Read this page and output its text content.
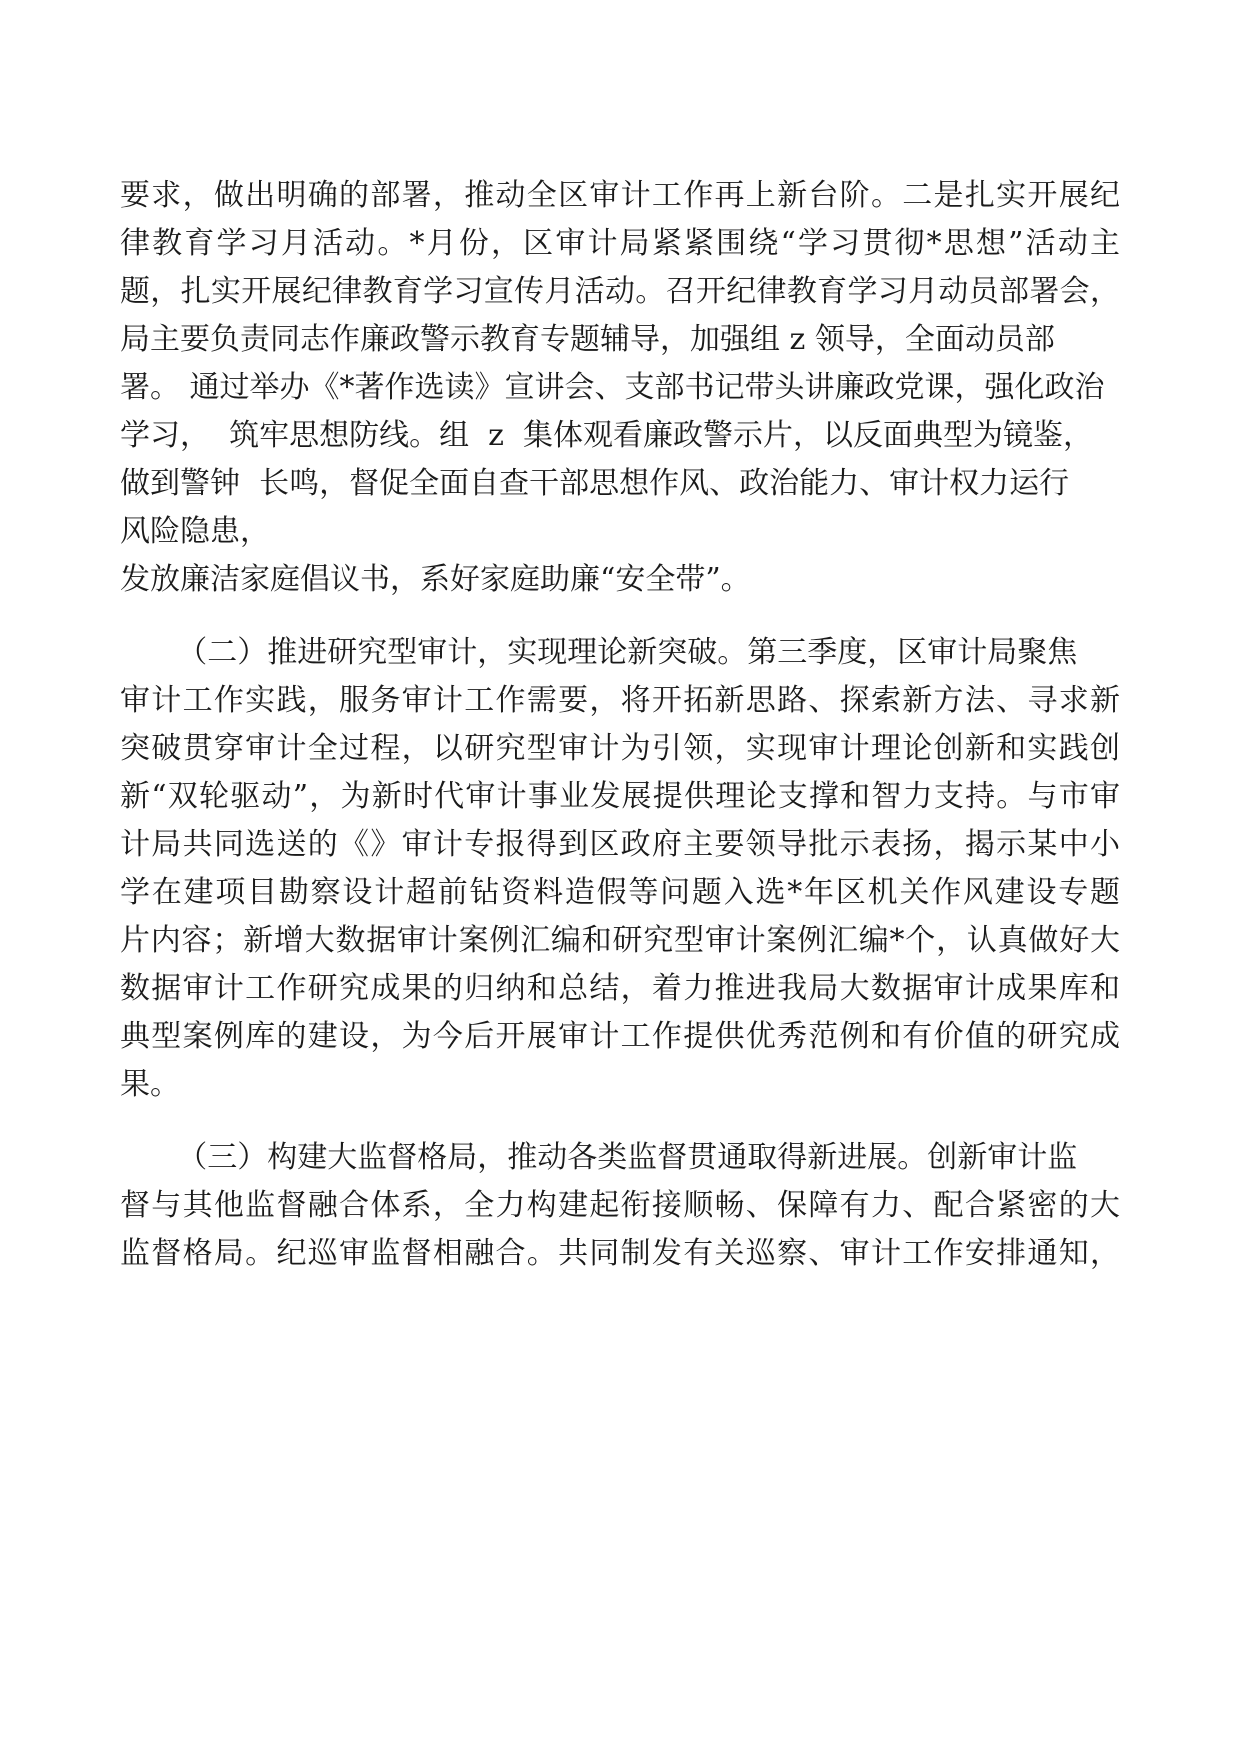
要求，做出明确的部署，推动全区审计工作再上新台阶。二是扎实开展纪
律教育学习月活动。*月份，区审计局紧紧围绕“学习贯彻*思想”活动主
题，扎实开展纪律教育学习宣传月活动。召开纪律教育学习月动员部署会，
局主要负责同志作廉政警示教育专题辅导，加强组 z 领导，全面动员部
署。 通过举办《*著作选读》宣讲会、支部书记带头讲廉政党课，强化政治
学习，  筑牢思想防线。组  z  集体观看廉政警示片，以反面典型为镜鉴，
做到警钟  长鸣，督促全面自查干部思想作风、政治能力、审计权力运行
风险隐患，
发放廉洁家庭倡议书，系好家庭助廉“安全带”。
（二）推进研究型审计，实现理论新突破。第三季度，区审计局聚焦
审计工作实践，服务审计工作需要，将开拓新思路、探索新方法、寻求新
突破贯穿审计全过程，以研究型审计为引领，实现审计理论创新和实践创
新“双轮驱动”，为新时代审计事业发展提供理论支撑和智力支持。与市审
计局共同选送的《》审计专报得到区政府主要领导批示表扬，揭示某中小
学在建项目勘察设计超前钻资料造假等问题入选*年区机关作风建设专题
片内容；新增大数据审计案例汇编和研究型审计案例汇编*个，认真做好大
数据审计工作研究成果的归纳和总结，着力推进我局大数据审计成果库和
典型案例库的建设，为今后开展审计工作提供优秀范例和有价值的研究成
果。
（三）构建大监督格局，推动各类监督贯通取得新进展。创新审计监
督与其他监督融合体系，全力构建起衔接顺畅、保障有力、配合紧密的大
监督格局。纪巡审监督相融合。共同制发有关巡察、审计工作安排通知，
